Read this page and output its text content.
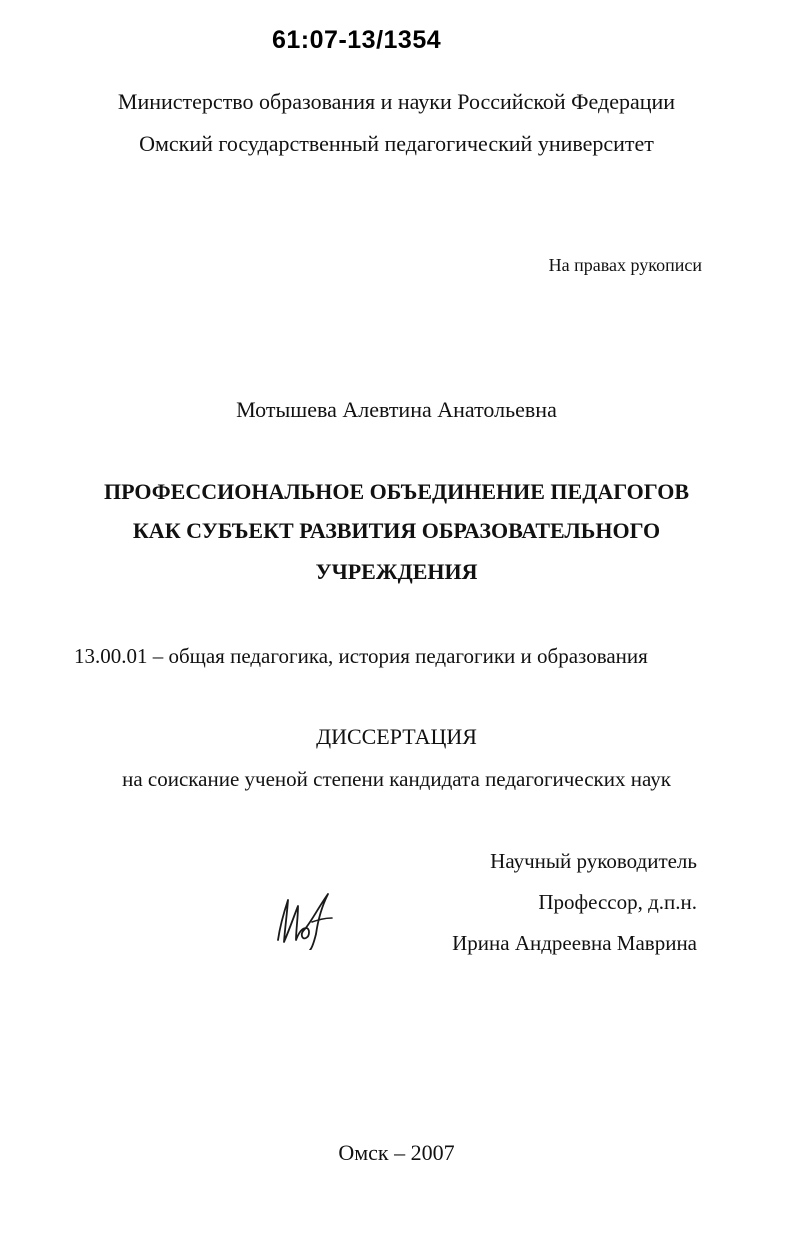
61:07-13/1354
Министерство образования и науки Российской Федерации
Омский государственный педагогический университет
На правах рукописи
Мотышева Алевтина Анатольевна
ПРОФЕССИОНАЛЬНОЕ ОБЪЕДИНЕНИЕ ПЕДАГОГОВ
КАК СУБЪЕКТ РАЗВИТИЯ ОБРАЗОВАТЕЛЬНОГО
УЧРЕЖДЕНИЯ
13.00.01 – общая педагогика, история педагогики и образования
ДИССЕРТАЦИЯ
на соискание ученой степени кандидата педагогических наук
Научный руководитель
Профессор, д.п.н.
Ирина Андреевна Маврина
Омск – 2007
